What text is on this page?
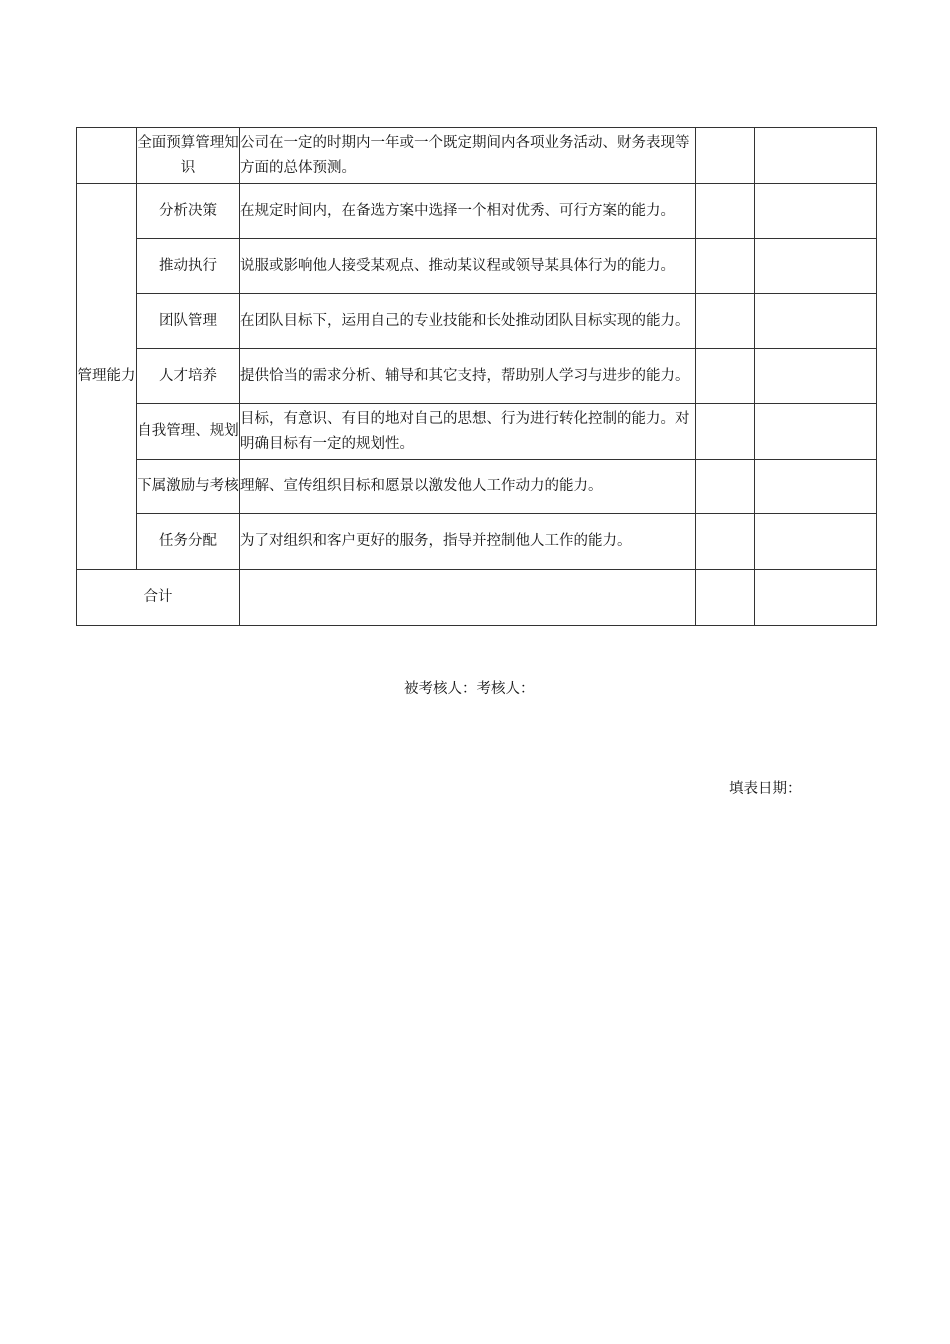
	全面预算管理知识	公司在一定的时期内一年或一个既定期间内各项业务活动、财务表现等方面的总体预测。		
管理能力	分析决策	在规定时间内，在备选方案中选择一个相对优秀、可行方案的能力。		
	推动执行	说服或影响他人接受某观点、推动某议程或领导某具体行为的能力。		
	团队管理	在团队目标下，运用自己的专业技能和长处推动团队目标实现的能力。		
	人才培养	提供恰当的需求分析、辅导和其它支持，帮助别人学习与进步的能力。		
	自我管理、规划	目标，有意识、有目的地对自己的思想、行为进行转化控制的能力。对明确目标有一定的规划性。		
	下属激励与考核	理解、宣传组织目标和愿景以激发他人工作动力的能力。		
	任务分配	为了对组织和客户更好的服务，指导并控制他人工作的能力。		
合计				
被考核人：考核人：
填表日期：
